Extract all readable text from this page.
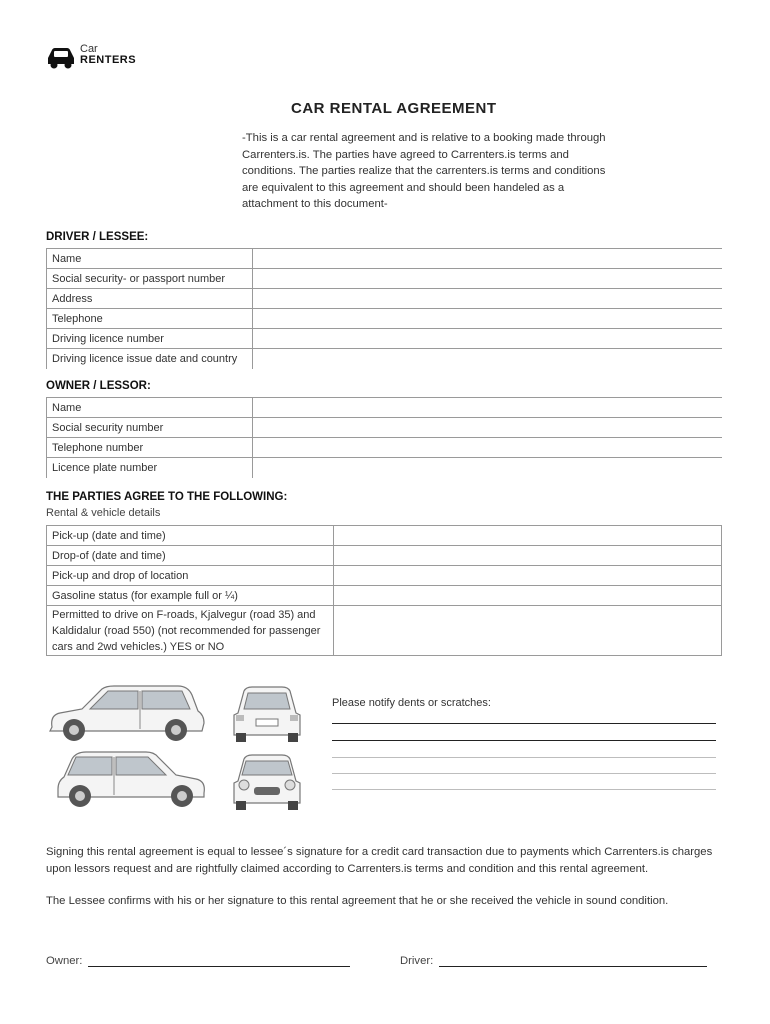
Car
RENTERS
CAR RENTAL AGREEMENT

-This is a car rental agreement and is relative to a booking made through Carrenters.is. The parties have agreed to Carrenters.is terms and conditions. The parties realize that the carrenters.is terms and conditions are equivalent to this agreement and should been handeled as a attachment to this document-

DRIVER / LESSEE:
Name	
Social security- or passport number	
Address	
Telephone	
Driving licence number	
Driving licence issue date and country	
OWNER / LESSOR:
Name	
Social security number	
Telephone number	
Licence plate number	
THE PARTIES AGREE TO THE FOLLOWING:
Rental & vehicle details
Pick-up (date and time)	
Drop-of (date and time)	
Pick-up and drop of location	
Gasoline status (for example full or ¼)	
Permitted to drive on F-roads, Kjalvegur (road 35) and Kaldidalur (road 550) (not recommended for passenger cars and 2wd vehicles.) YES or NO	
Please notify dents or scratches:

Signing this rental agreement is equal to lessee´s signature for a credit card transaction due to payments which Carrenters.is charges upon lessors request and are rightfully claimed according to Carrenters.is terms and condition and this rental agreement.

The Lessee confirms with his or her signature to this rental agreement that he or she received the vehicle in sound condition.

Owner:	Driver:
